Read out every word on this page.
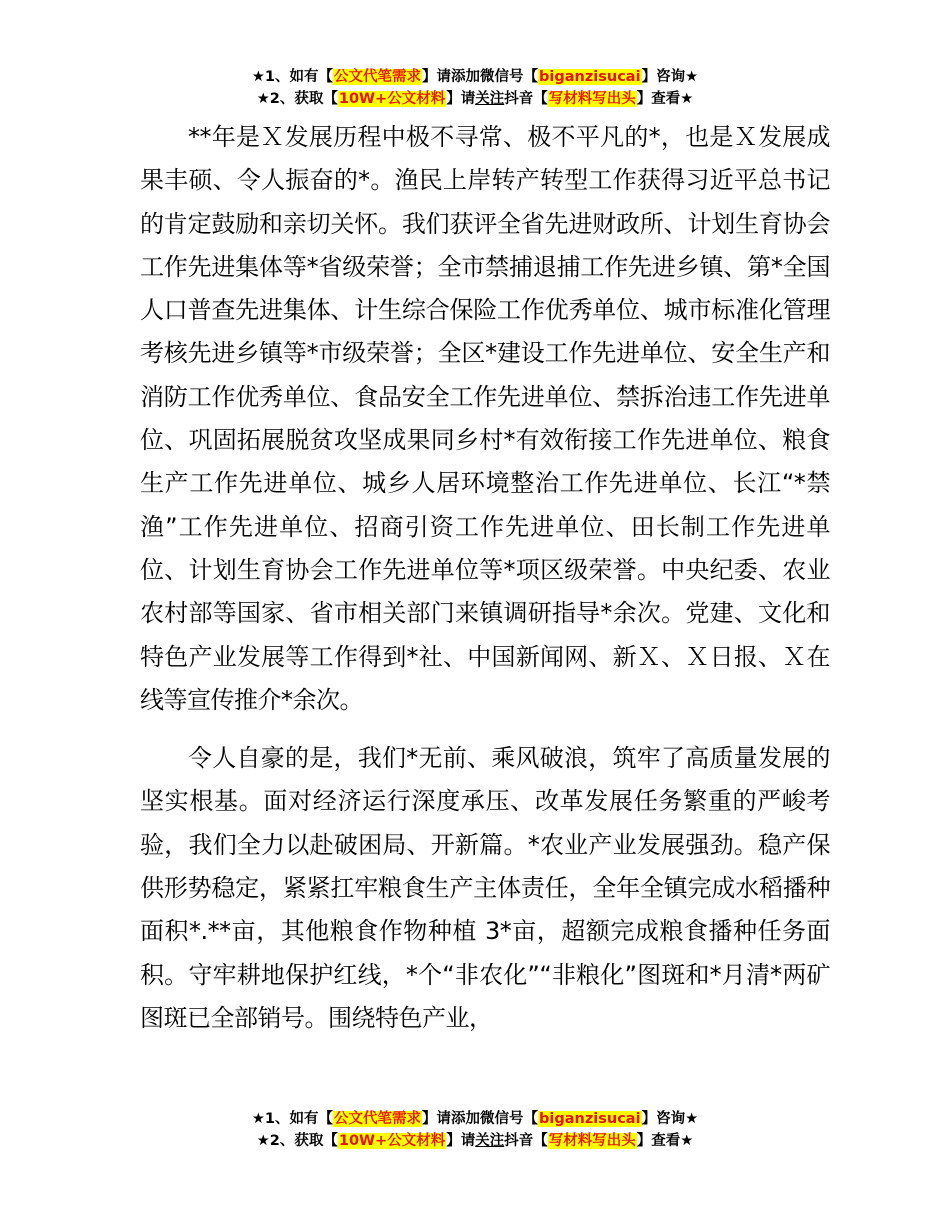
★1、如有【公文代笔需求】请添加微信号【biganzisucai】咨询★
★2、获取【10W+公文材料】请关注抖音【写材料写出头】查看★

**年是Ｘ发展历程中极不寻常、极不平凡的*，也是Ｘ发展成果丰硕、令人振奋的*。渔民上岸转产转型工作获得习近平总书记的肯定鼓励和亲切关怀。我们获评全省先进财政所、计划生育协会工作先进集体等*省级荣誉；全市禁捕退捕工作先进乡镇、第*全国人口普查先进集体、计生综合保险工作优秀单位、城市标准化管理考核先进乡镇等*市级荣誉；全区*建设工作先进单位、安全生产和消防工作优秀单位、食品安全工作先进单位、禁拆治违工作先进单位、巩固拓展脱贫攻坚成果同乡村*有效衔接工作先进单位、粮食生产工作先进单位、城乡人居环境整治工作先进单位、长江“*禁渔”工作先进单位、招商引资工作先进单位、田长制工作先进单位、计划生育协会工作先进单位等*项区级荣誉。中央纪委、农业农村部等国家、省市相关部门来镇调研指导*余次。党建、文化和特色产业发展等工作得到*社、中国新闻网、新Ｘ、Ｘ日报、Ｘ在线等宣传推介*余次。

令人自豪的是，我们*无前、乘风破浪，筑牢了高质量发展的坚实根基。面对经济运行深度承压、改革发展任务繁重的严峻考验，我们全力以赴破困局、开新篇。*农业产业发展强劲。稳产保供形势稳定，紧紧扛牢粮食生产主体责任，全年全镇完成水稻播种面积*.**亩，其他粮食作物种植 3*亩，超额完成粮食播种任务面积。守牢耕地保护红线，*个“非农化”“非粮化”图斑和*月清*两矿图斑已全部销号。围绕特色产业，

★1、如有【公文代笔需求】请添加微信号【biganzisucai】咨询★
★2、获取【10W+公文材料】请关注抖音【写材料写出头】查看★
